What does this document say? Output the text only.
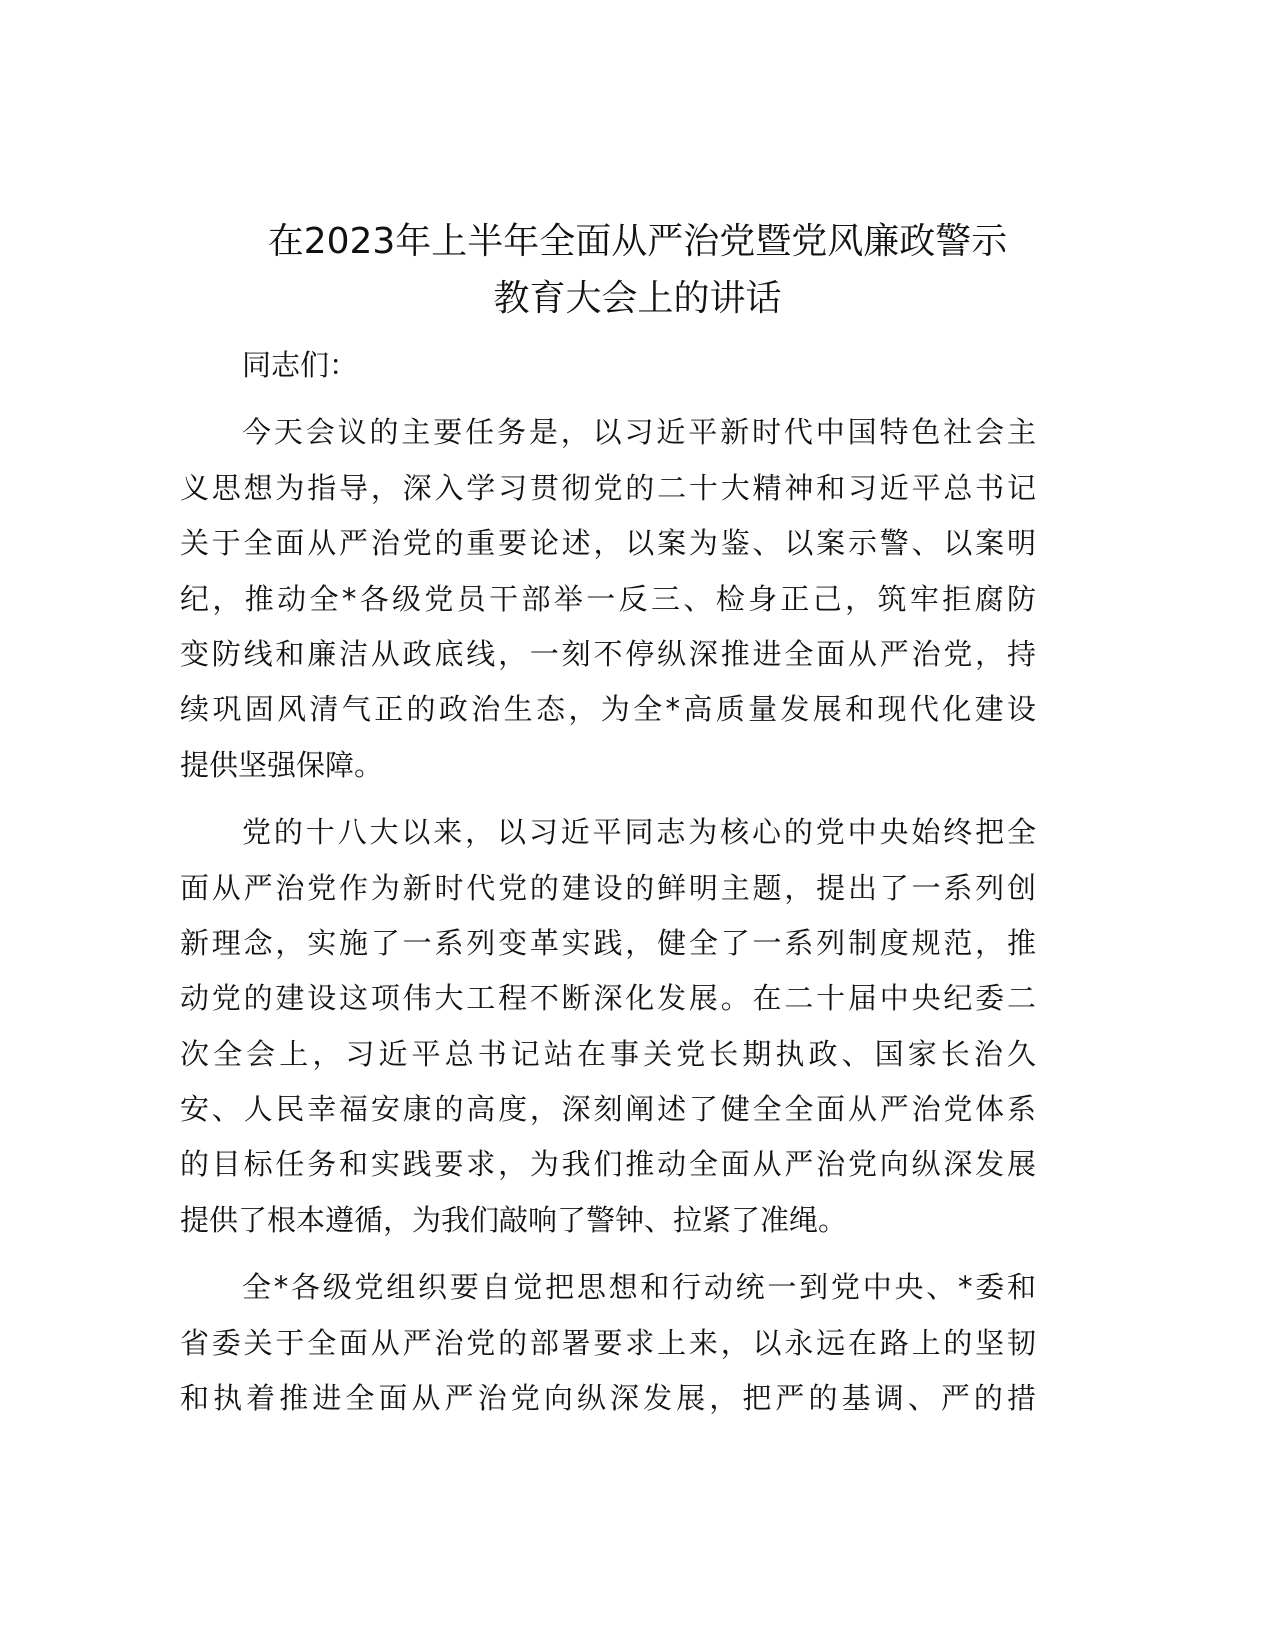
在2023年上半年全面从严治党暨党风廉政警示
教育大会上的讲话
同志们：
今天会议的主要任务是，以习近平新时代中国特色社会主
义思想为指导，深入学习贯彻党的二十大精神和习近平总书记
关于全面从严治党的重要论述，以案为鉴、以案示警、以案明
纪，推动全*各级党员干部举一反三、检身正己，筑牢拒腐防
变防线和廉洁从政底线，一刻不停纵深推进全面从严治党，持
续巩固风清气正的政治生态，为全*高质量发展和现代化建设
提供坚强保障。
党的十八大以来，以习近平同志为核心的党中央始终把全
面从严治党作为新时代党的建设的鲜明主题，提出了一系列创
新理念，实施了一系列变革实践，健全了一系列制度规范，推
动党的建设这项伟大工程不断深化发展。在二十届中央纪委二
次全会上，习近平总书记站在事关党长期执政、国家长治久
安、人民幸福安康的高度，深刻阐述了健全全面从严治党体系
的目标任务和实践要求，为我们推动全面从严治党向纵深发展
提供了根本遵循，为我们敲响了警钟、拉紧了准绳。
全*各级党组织要自觉把思想和行动统一到党中央、*委和
省委关于全面从严治党的部署要求上来，以永远在路上的坚韧
和执着推进全面从严治党向纵深发展，把严的基调、严的措
